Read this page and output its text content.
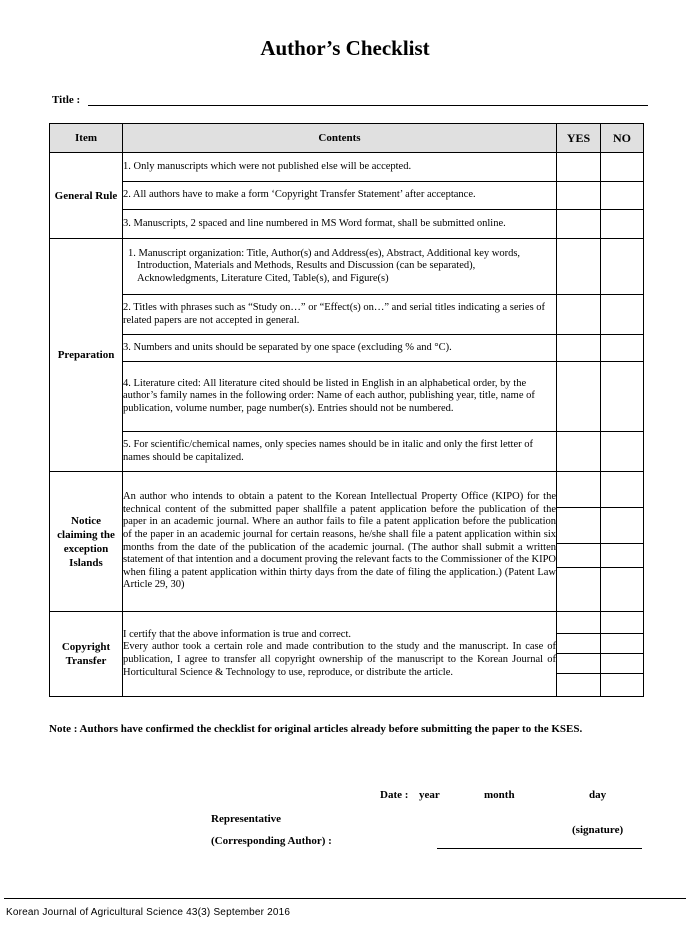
Author’s Checklist
Title :
Item	Contents	YES	NO
General Rule	1. Only manuscripts which were not published else will be accepted.		
	2. All authors have to make a form ‘Copyright Transfer Statement’ after acceptance.		
	3. Manuscripts, 2 spaced and line numbered in MS Word format, shall be submitted online.		
Preparation	1. Manuscript organization: Title, Author(s) and Address(es), Abstract, Additional key words, Introduction, Materials and Methods, Results and Discussion (can be separated), Acknowledgments, Literature Cited, Table(s), and Figure(s)		
	2. Titles with phrases such as “Study on…” or “Effect(s) on…” and serial titles indicating a series of related papers are not accepted in general.		
	3. Numbers and units should be separated by one space (excluding % and °C).		
	4. Literature cited: All literature cited should be listed in English in an alphabetical order, by the author’s family names in the following order: Name of each author, publishing year, title, name of publication, volume number, page number(s). Entries should not be numbered.		
	5. For scientific/chemical names, only species names should be in italic and only the first letter of names should be capitalized.		
Notice claiming the exception Islands	An author who intends to obtain a patent to the Korean Intellectual Property Office (KIPO) for the technical content of the submitted paper shallfile a patent application before the publication of the paper in an academic journal. Where an author fails to file a patent application before the publication of the paper in an academic journal for certain reasons, he/she shall file a patent application within six months from the date of the publication of the academic journal. (The author shall submit a written statement of that intention and a document proving the relevant facts to the Commissioner of the KIPO when filing a patent application within thirty days from the date of filing the application.) (Patent Law Article 29, 30)		

Copyright Transfer	I certify that the above information is true and correct.
Every author took a certain role and made contribution to the study and the manuscript. In case of publication, I agree to transfer all copyright ownership of the manuscript to the Korean Journal of Horticultural Science & Technology to use, reproduce, or distribute the article.		

Note : Authors have confirmed the checklist for original articles already before submitting the paper to the KSES.
Date : year	month	day
Representative
(Corresponding Author) :
(signature)
Korean Journal of Agricultural Science 43(3) September 2016
